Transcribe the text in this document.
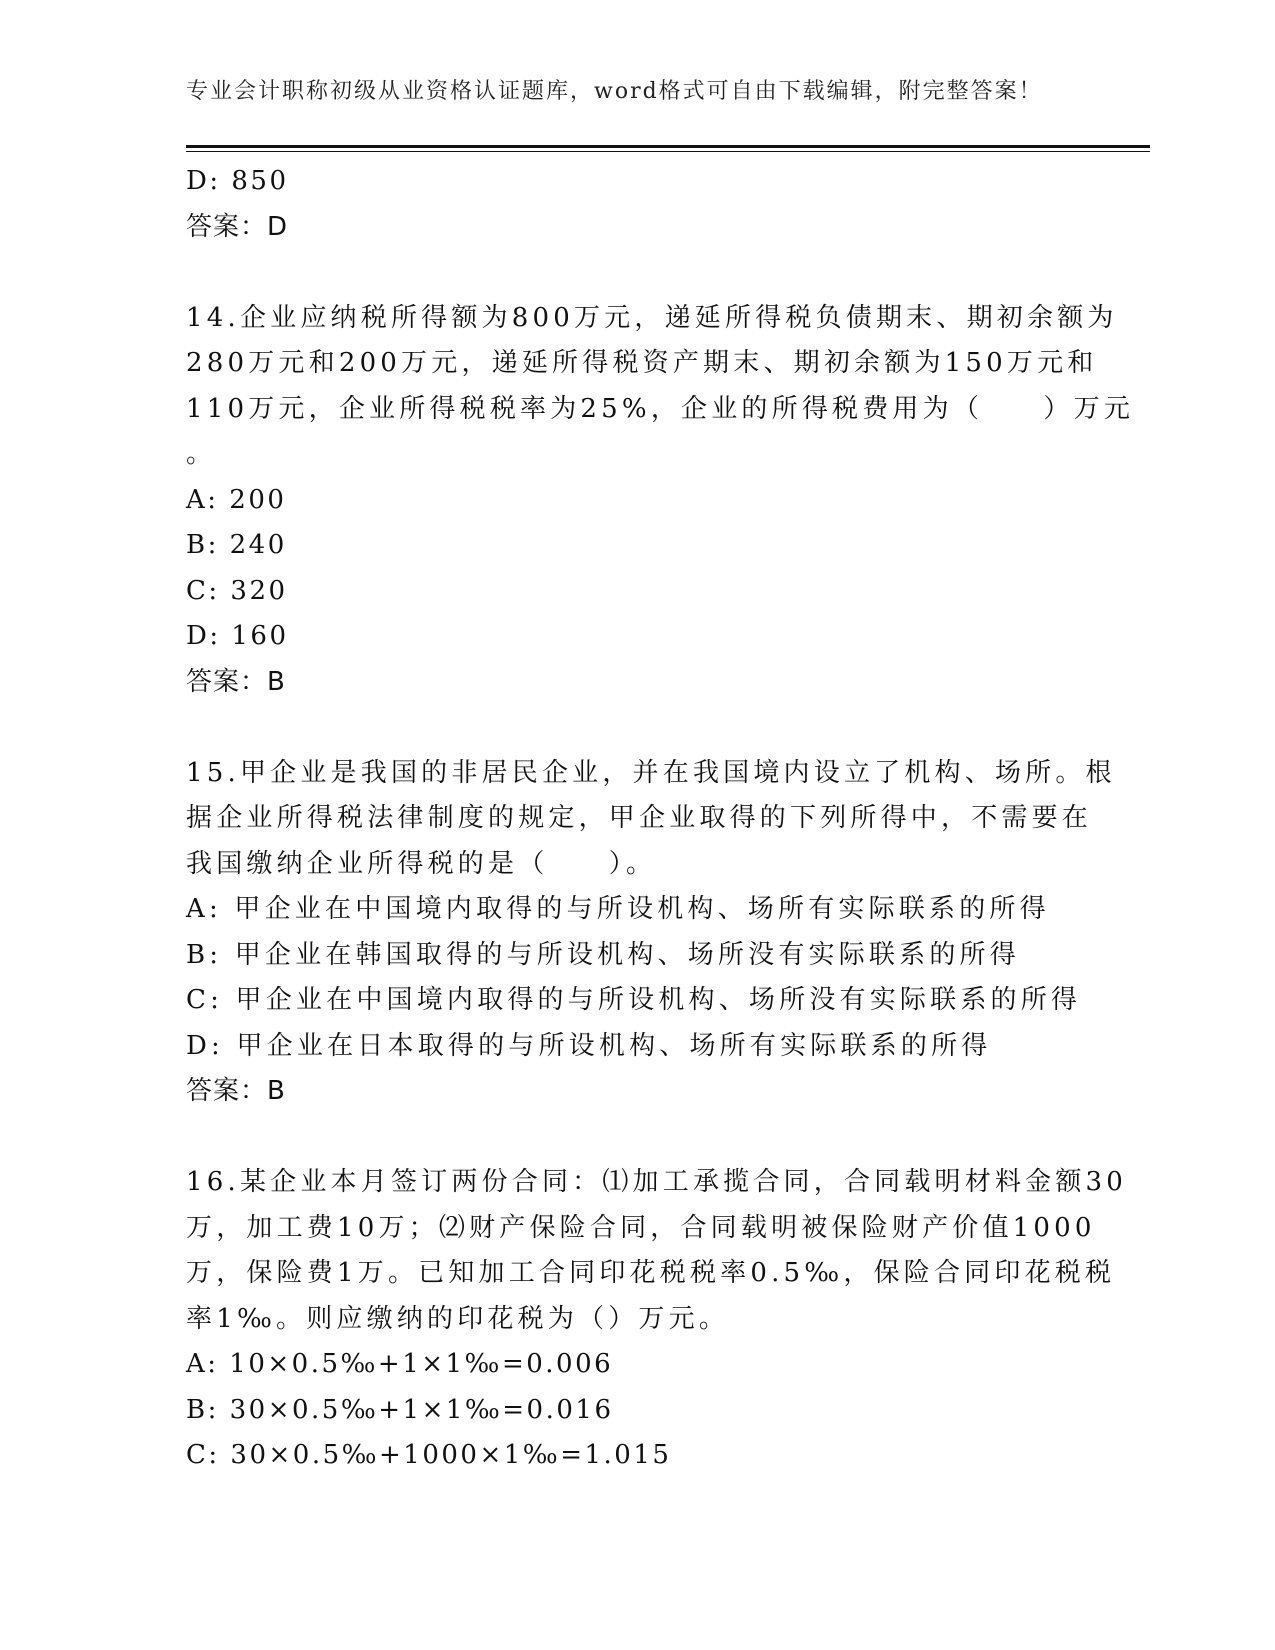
专业会计职称初级从业资格认证题库，word格式可自由下载编辑，附完整答案！
D: 850
答案：D
14.企业应纳税所得额为800万元，递延所得税负债期末、期初余额为
280万元和200万元，递延所得税资产期末、期初余额为150万元和
110万元，企业所得税税率为25%，企业的所得税费用为（　　）万元
。
A: 200
B: 240
C: 320
D: 160
答案：B
15.甲企业是我国的非居民企业，并在我国境内设立了机构、场所。根
据企业所得税法律制度的规定，甲企业取得的下列所得中，不需要在
我国缴纳企业所得税的是（　　）。
A: 甲企业在中国境内取得的与所设机构、场所有实际联系的所得
B: 甲企业在韩国取得的与所设机构、场所没有实际联系的所得
C: 甲企业在中国境内取得的与所设机构、场所没有实际联系的所得
D: 甲企业在日本取得的与所设机构、场所有实际联系的所得
答案：B
16.某企业本月签订两份合同：⑴加工承揽合同，合同载明材料金额30
万，加工费10万；⑵财产保险合同，合同载明被保险财产价值1000
万，保险费1万。已知加工合同印花税税率0.5‰，保险合同印花税税
率1‰。则应缴纳的印花税为（）万元。
A: 10×0.5‰+1×1‰=0.006
B: 30×0.5‰+1×1‰=0.016
C: 30×0.5‰+1000×1‰=1.015
